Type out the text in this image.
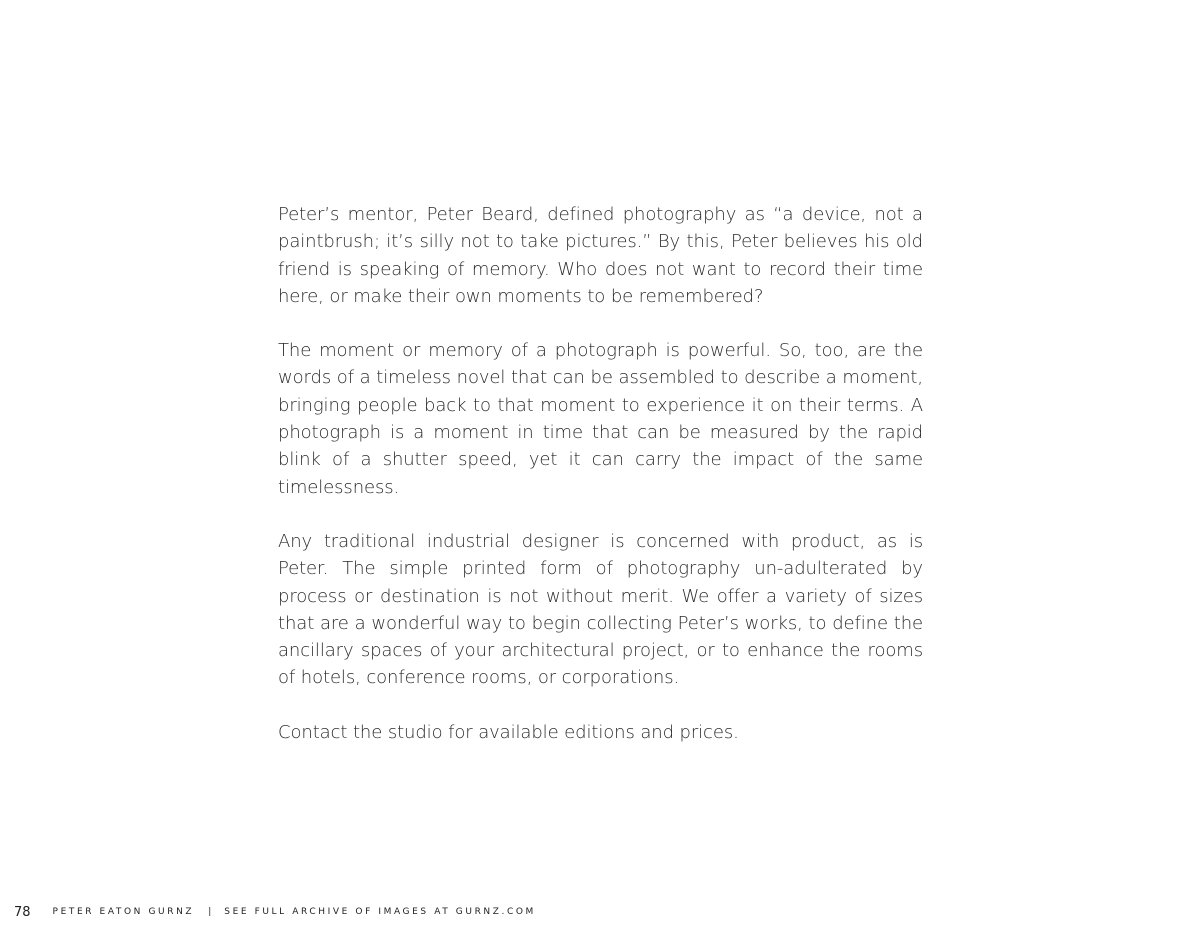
Peter’s mentor, Peter Beard, defined photography as “a device, not a paintbrush; it’s silly not to take pictures.” By this, Peter believes his old friend is speaking of memory. Who does not want to record their time here, or make their own moments to be remembered?

The moment or memory of a photograph is powerful. So, too, are the words of a timeless novel that can be assembled to describe a moment, bringing people back to that moment to experience it on their terms. A photograph is a moment in time that can be measured by the rapid blink of a shutter speed, yet it can carry the impact of the same timelessness.

Any traditional industrial designer is concerned with product, as is Peter. The simple printed form of photography un-adulterated by process or destination is not without merit. We offer a variety of sizes that are a wonderful way to begin collecting Peter’s works, to define the ancillary spaces of your architectural project, or to enhance the rooms of hotels, conference rooms, or corporations.

Contact the studio for available editions and prices.

78 PETER EATON GURNZ | SEE FULL ARCHIVE OF IMAGES AT GURNZ.COM
